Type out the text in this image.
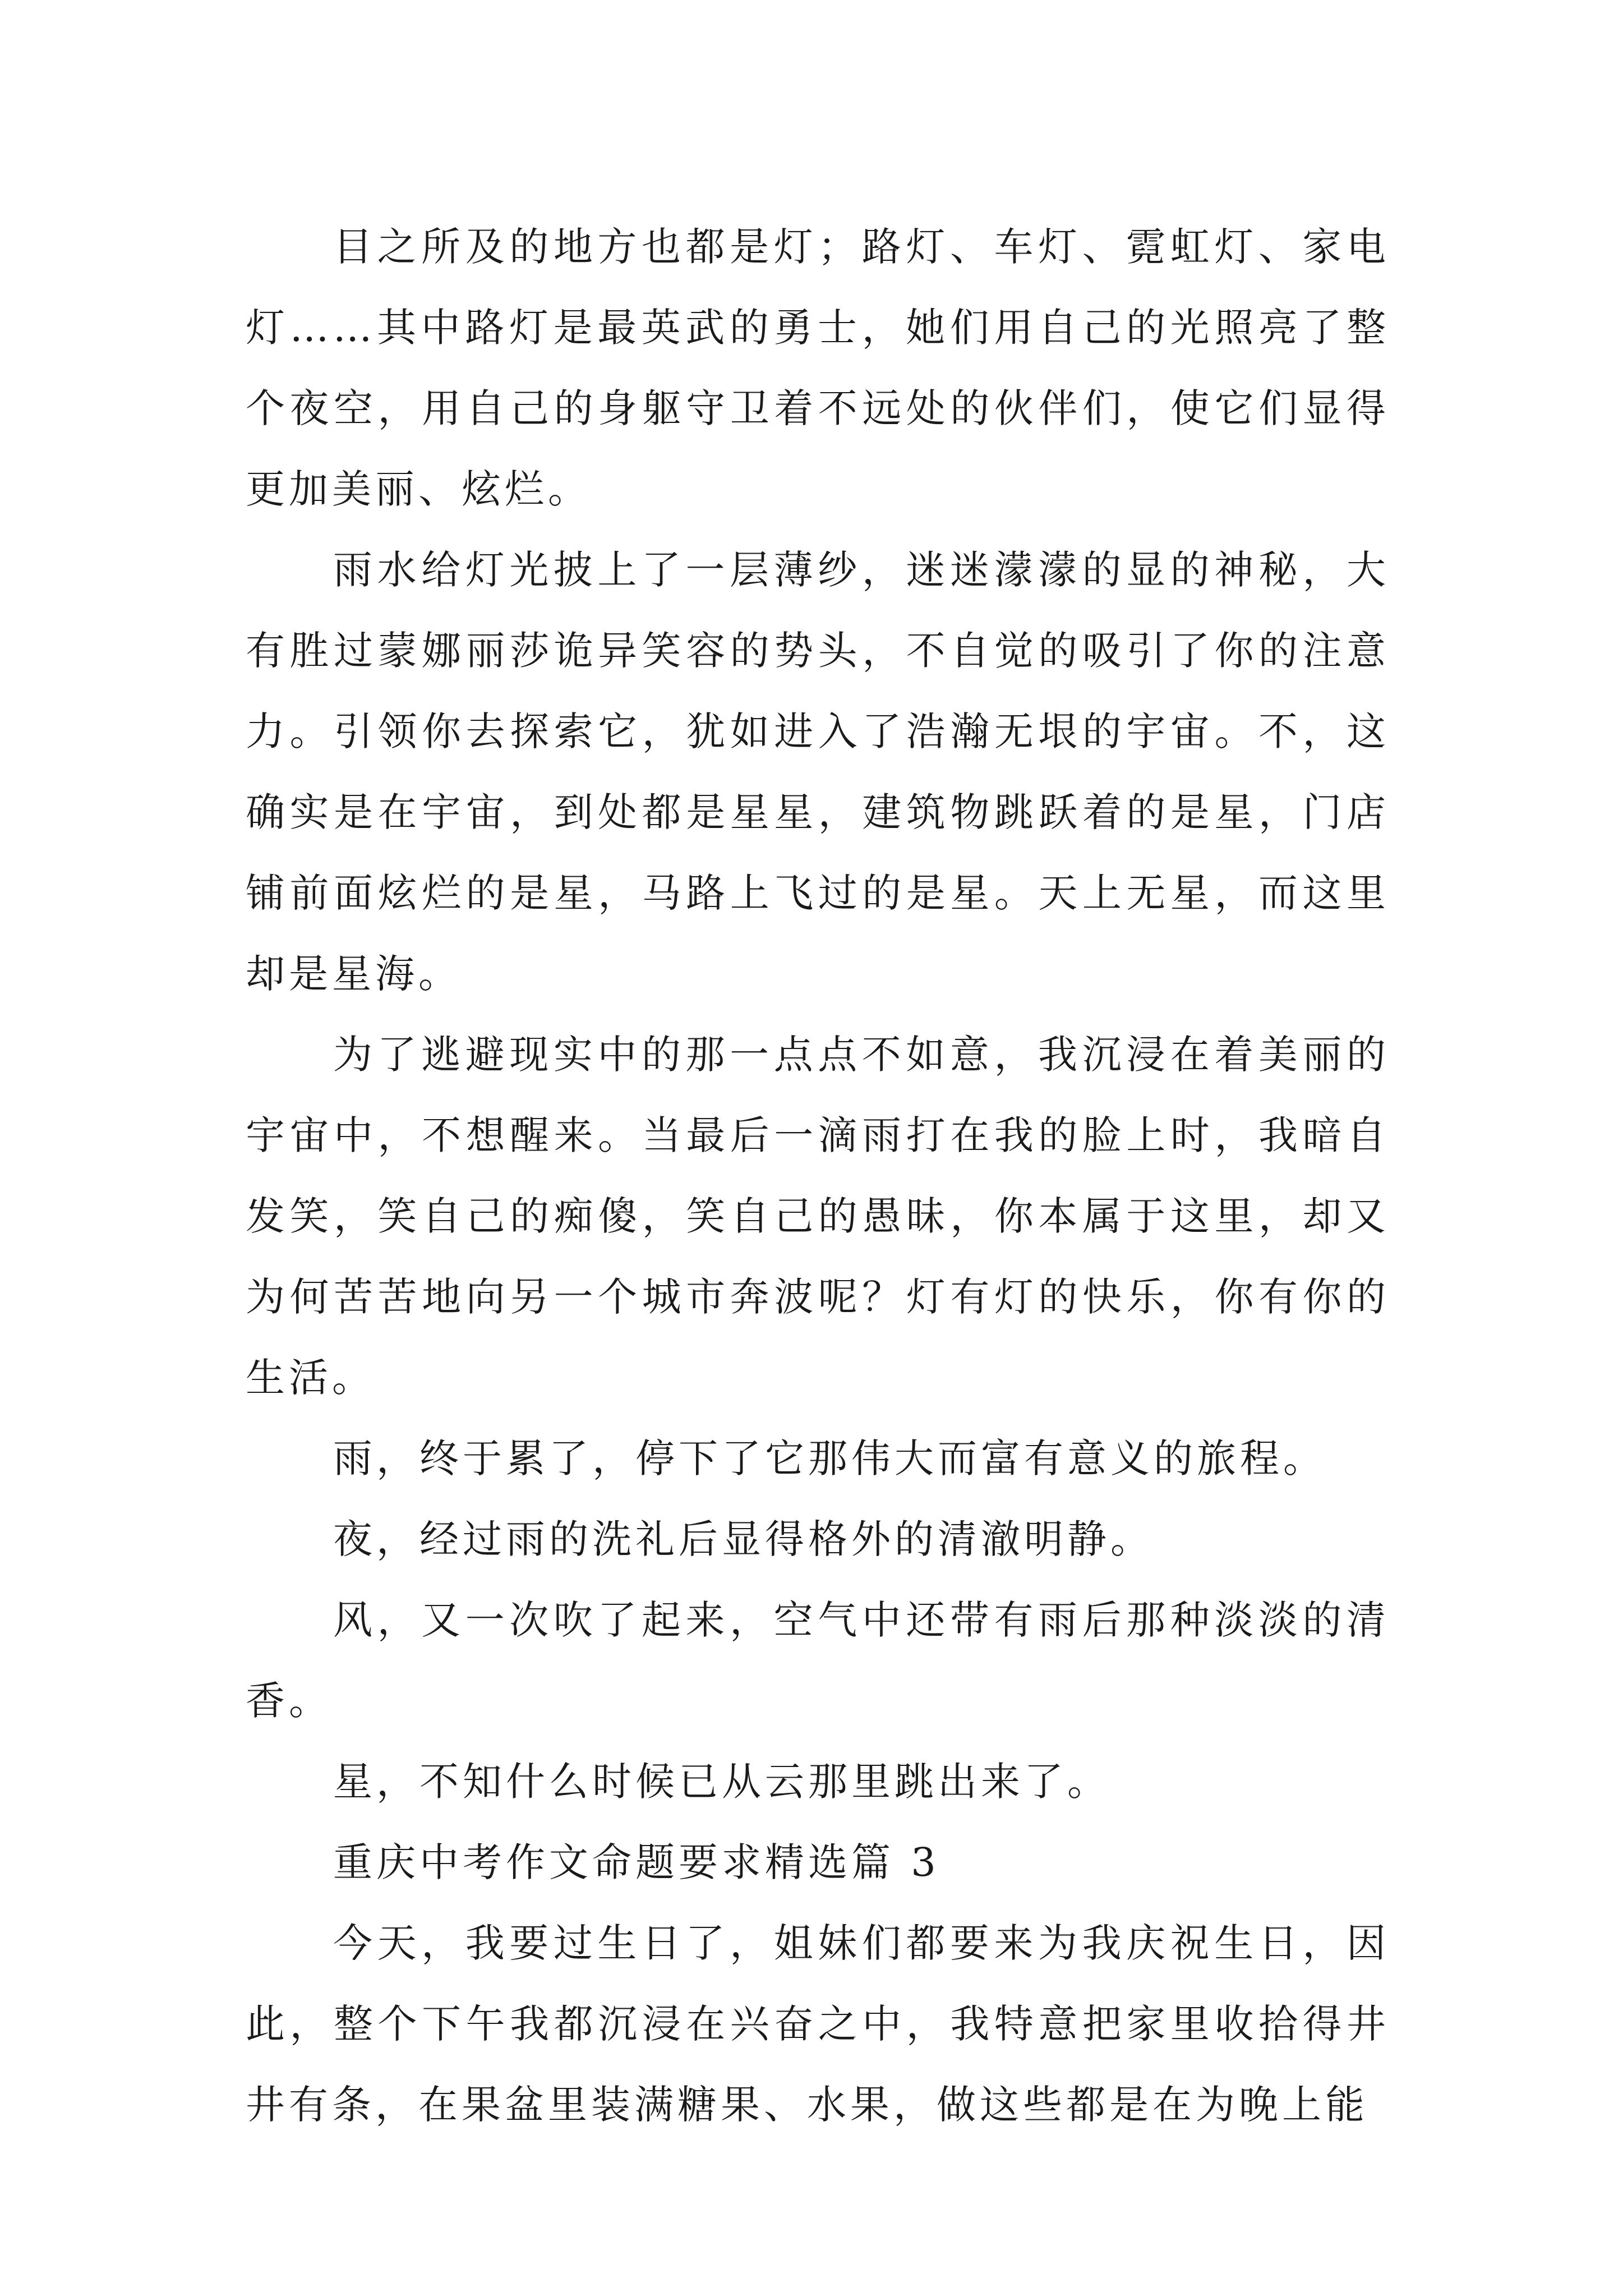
目之所及的地方也都是灯；路灯、车灯、霓虹灯、家电灯……其中路灯是最英武的勇士，她们用自己的光照亮了整个夜空，用自己的身躯守卫着不远处的伙伴们，使它们显得更加美丽、炫烂。

雨水给灯光披上了一层薄纱，迷迷濛濛的显的神秘，大有胜过蒙娜丽莎诡异笑容的势头，不自觉的吸引了你的注意力。引领你去探索它，犹如进入了浩瀚无垠的宇宙。不，这确实是在宇宙，到处都是星星，建筑物跳跃着的是星，门店铺前面炫烂的是星，马路上飞过的是星。天上无星，而这里却是星海。

为了逃避现实中的那一点点不如意，我沉浸在着美丽的宇宙中，不想醒来。当最后一滴雨打在我的脸上时，我暗自发笑，笑自己的痴傻，笑自己的愚昧，你本属于这里，却又为何苦苦地向另一个城市奔波呢？灯有灯的快乐，你有你的生活。

雨，终于累了，停下了它那伟大而富有意义的旅程。

夜，经过雨的洗礼后显得格外的清澈明静。

风，又一次吹了起来，空气中还带有雨后那种淡淡的清香。

星，不知什么时候已从云那里跳出来了。

重庆中考作文命题要求精选篇 3

今天，我要过生日了，姐妹们都要来为我庆祝生日，因此，整个下午我都沉浸在兴奋之中，我特意把家里收拾得井井有条，在果盆里装满糖果、水果，做这些都是在为晚上能
